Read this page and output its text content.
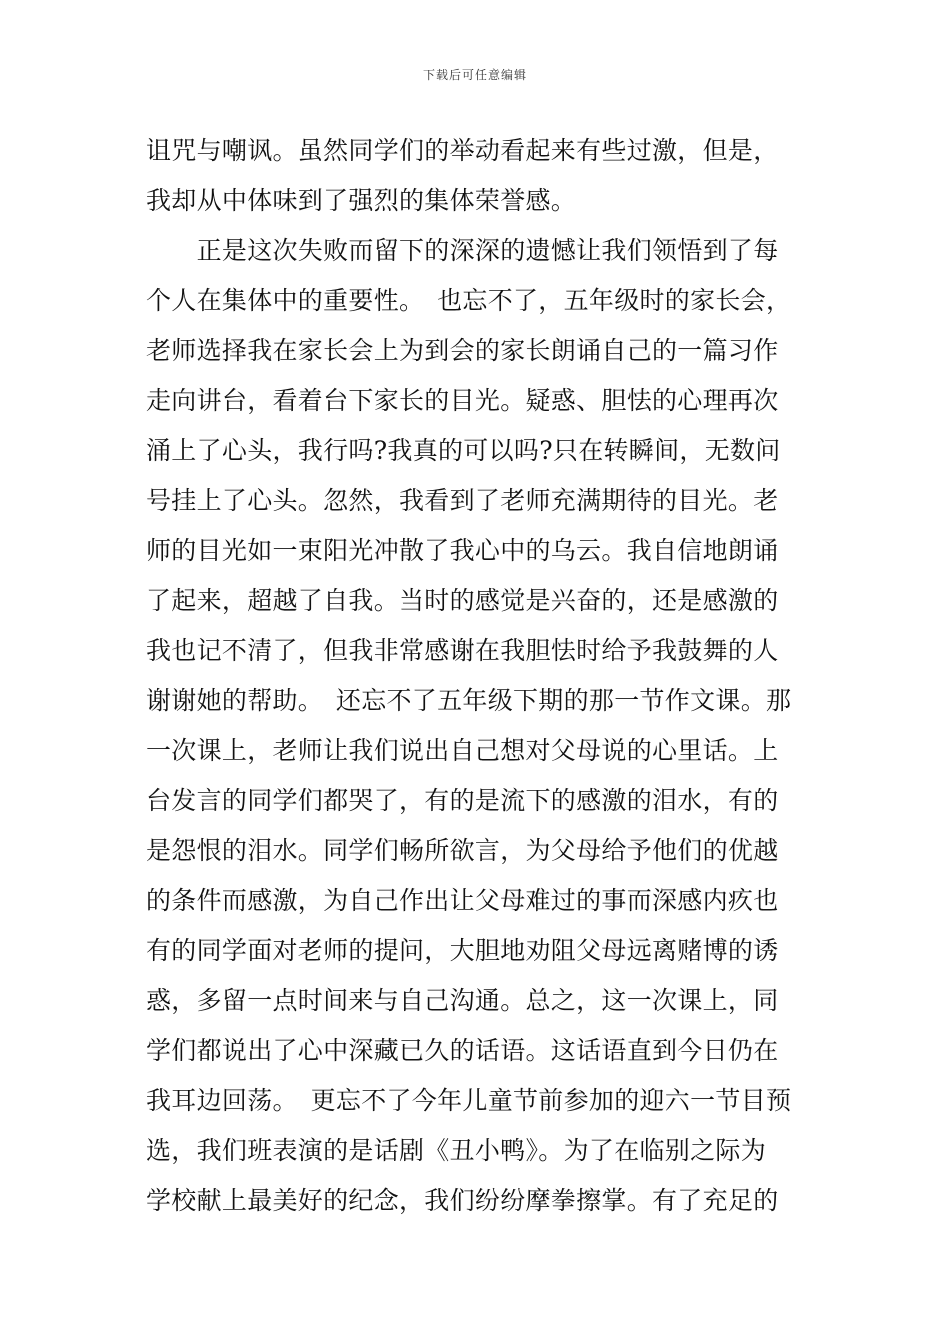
下载后可任意编辑
诅咒与嘲讽。虽然同学们的举动看起来有些过激，但是，
我却从中体味到了强烈的集体荣誉感。
　　正是这次失败而留下的深深的遗憾让我们领悟到了每
个人在集体中的重要性。　也忘不了，五年级时的家长会，
老师选择我在家长会上为到会的家长朗诵自己的一篇习作
走向讲台，看着台下家长的目光。疑惑、胆怯的心理再次
涌上了心头，我行吗?我真的可以吗?只在转瞬间，无数问
号挂上了心头。忽然，我看到了老师充满期待的目光。老
师的目光如一束阳光冲散了我心中的乌云。我自信地朗诵
了起来，超越了自我。当时的感觉是兴奋的，还是感激的
我也记不清了，但我非常感谢在我胆怯时给予我鼓舞的人
谢谢她的帮助。　还忘不了五年级下期的那一节作文课。那
一次课上，老师让我们说出自己想对父母说的心里话。上
台发言的同学们都哭了，有的是流下的感激的泪水，有的
是怨恨的泪水。同学们畅所欲言，为父母给予他们的优越
的条件而感激，为自己作出让父母难过的事而深感内疚也
有的同学面对老师的提问，大胆地劝阻父母远离赌博的诱
惑，多留一点时间来与自己沟通。总之，这一次课上，同
学们都说出了心中深藏已久的话语。这话语直到今日仍在
我耳边回荡。　更忘不了今年儿童节前参加的迎六一节目预
选，我们班表演的是话剧《丑小鸭》。为了在临别之际为
学校献上最美好的纪念，我们纷纷摩拳擦掌。有了充足的
